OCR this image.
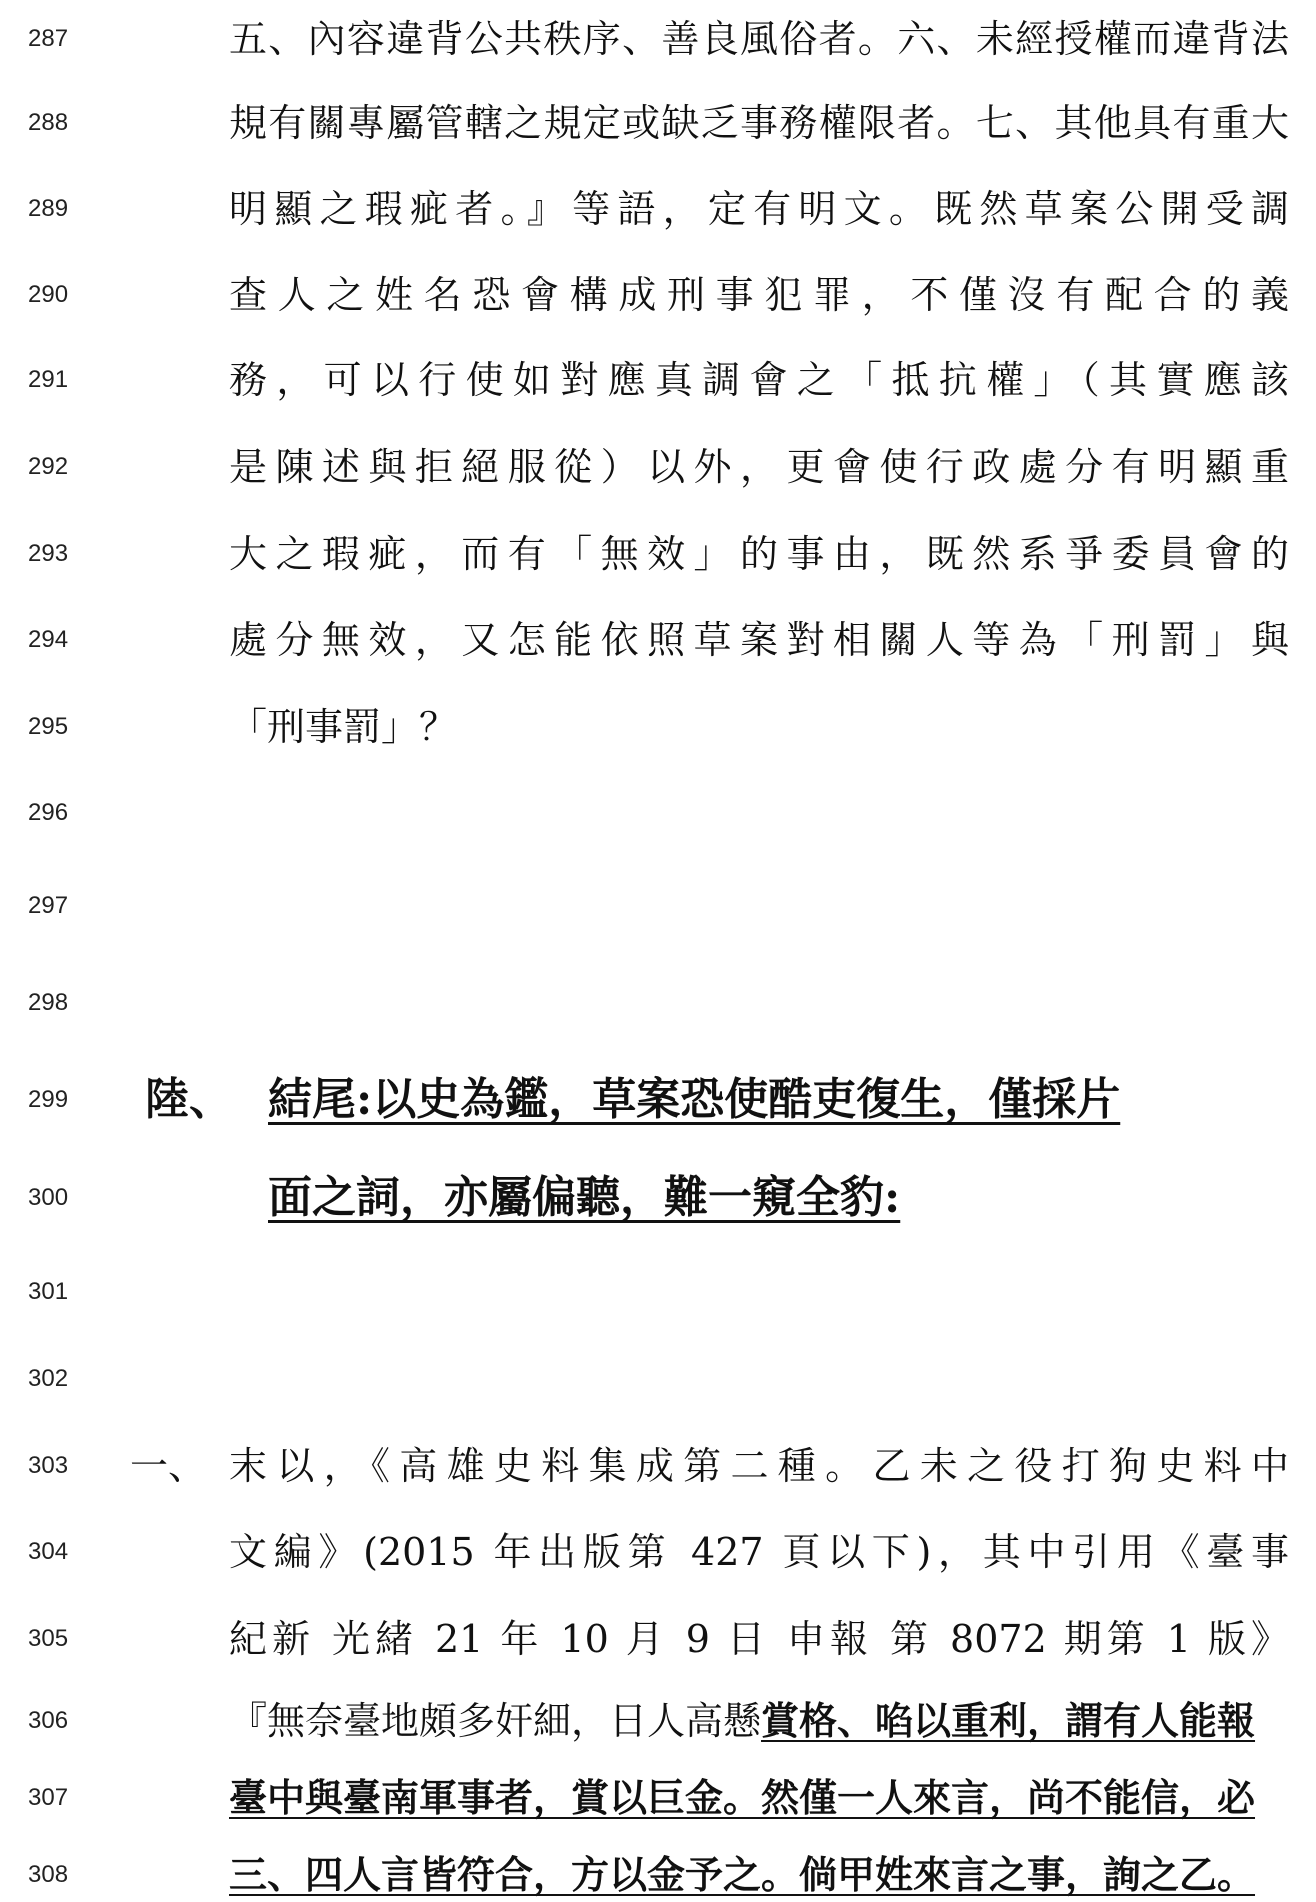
287
288
289
290
291
292
293
294
295
296
297
298
299
300
301
302
303
304
305
306
307
308
五、內容違背公共秩序、善良風俗者。六、未經授權而違背法
規有關專屬管轄之規定或缺乏事務權限者。七、其他具有重大
明顯之瑕疵者。』等語，定有明文。既然草案公開受調
查人之姓名恐會構成刑事犯罪，不僅沒有配合的義
務，可以行使如對應真調會之「抵抗權」（其實應該
是陳述與拒絕服從）以外，更會使行政處分有明顯重
大之瑕疵，而有「無效」的事由，既然系爭委員會的
處分無效，又怎能依照草案對相關人等為「刑罰」與
「刑事罰」？
陸、 結尾:以史為鑑，草案恐使酷吏復生，僅採片
面之詞，亦屬偏聽，難一窺全豹:
一、 末以，《高雄史料集成第二種。乙未之役打狗史料中
文編》(2015 年出版第 427 頁以下)，其中引用《臺事
紀新 光緒 21 年 10 月 9 日 申報 第 8072 期第 1 版》
『無奈臺地頗多奸細，日人高懸賞格、啗以重利，謂有人能報
臺中與臺南軍事者，賞以巨金。然僅一人來言，尚不能信，必
三、四人言皆符合，方以金予之。倘甲姓來言之事，詢之乙。
